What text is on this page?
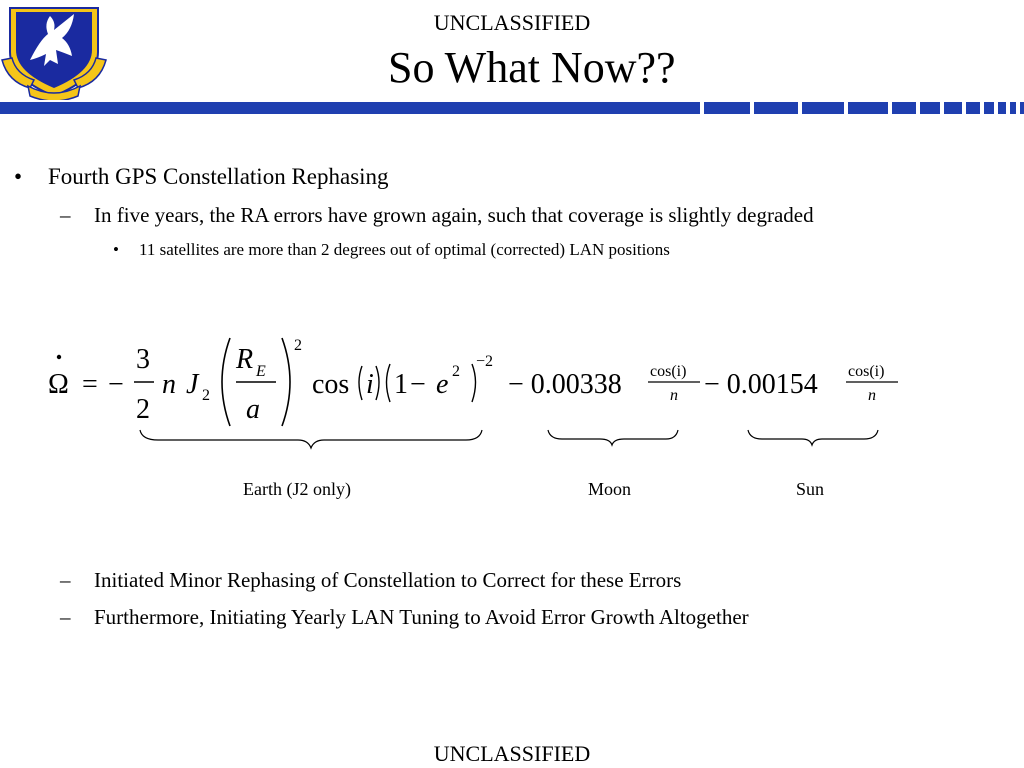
UNCLASSIFIED
So What Now??
• Fourth GPS Constellation Rephasing
– In five years, the RA errors have grown again, such that coverage is slightly degraded
• 11 satellites are more than 2 degrees out of optimal (corrected) LAN positions
Ω = −
3
2
n J 2
R E
a
2
cos i 1 − e 2
−2
− 0.00338 cos(i)
n − 0.00154 cos(i)
n
Earth (J2 only)	Moon	Sun
– Initiated Minor Rephasing of Constellation to Correct for these Errors
– Furthermore, Initiating Yearly LAN Tuning to Avoid Error Growth Altogether
UNCLASSIFIED
